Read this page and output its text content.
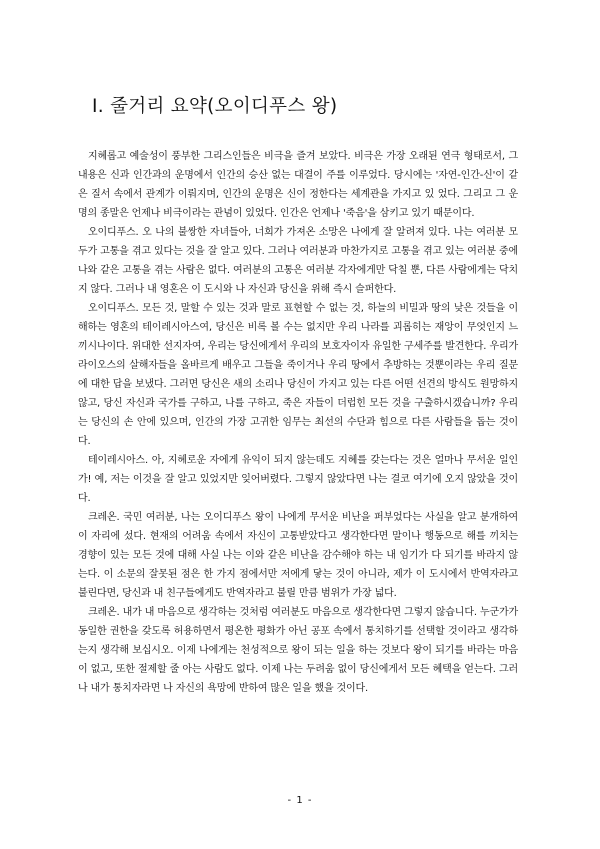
Ⅰ. 줄거리 요약(오이디푸스 왕)

지혜롭고 예술성이 풍부한 그리스인들은 비극을 즐겨 보았다. 비극은 가장 오래된 연극 형태로서, 그 내용은 신과 인간과의 운명에서 인간의 승산 없는 대결이 주를 이루었다. 당시에는 '자연-인간-신'이 같은 질서 속에서 관계가 이뤄지며, 인간의 운명은 신이 정한다는 세계관을 가지고 있 었다. 그리고 그 운명의 종말은 언제나 비극이라는 관념이 있었다. 인간은 언제나 '죽음'을 삼키고 있기 때문이다.

오이디푸스. 오 나의 불쌍한 자녀들아, 너희가 가져온 소망은 나에게 잘 알려져 있다. 나는 여러분 모두가 고통을 겪고 있다는 것을 잘 알고 있다. 그러나 여러분과 마찬가지로 고통을 겪고 있는 여러분 중에 나와 같은 고통을 겪는 사람은 없다. 여러분의 고통은 여러분 각자에게만 닥칠 뿐, 다른 사람에게는 닥치지 않다. 그러나 내 영혼은 이 도시와 나 자신과 당신을 위해 즉시 슬퍼한다.

오이디푸스. 모든 것, 말할 수 있는 것과 말로 표현할 수 없는 것, 하늘의 비밀과 땅의 낮은 것들을 이해하는 영혼의 테이레시아스여, 당신은 비록 볼 수는 없지만 우리 나라를 괴롭히는 재앙이 무엇인지 느끼시나이다. 위대한 선지자여, 우리는 당신에게서 우리의 보호자이자 유일한 구세주를 발견한다. 우리가 라이오스의 살해자들을 올바르게 배우고 그들을 죽이거나 우리 땅에서 추방하는 것뿐이라는 우리 질문에 대한 답을 보냈다. 그러면 당신은 새의 소리나 당신이 가지고 있는 다른 어떤 선견의 방식도 원망하지 않고, 당신 자신과 국가를 구하고, 나를 구하고, 죽은 자들이 더럽힌 모든 것을 구출하시겠습니까? 우리는 당신의 손 안에 있으며, 인간의 가장 고귀한 임무는 최선의 수단과 힘으로 다른 사람들을 돕는 것이다.

테이레시아스. 아, 지혜로운 자에게 유익이 되지 않는데도 지혜를 갖는다는 것은 얼마나 무서운 일인가! 예, 저는 이것을 잘 알고 있었지만 잊어버렸다. 그렇지 않았다면 나는 결코 여기에 오지 않았을 것이다.

크레온. 국민 여러분, 나는 오이디푸스 왕이 나에게 무서운 비난을 퍼부었다는 사실을 알고 분개하여 이 자리에 섰다. 현재의 어려움 속에서 자신이 고통받았다고 생각한다면 말이나 행동으로 해를 끼치는 경향이 있는 모든 것에 대해 사실 나는 이와 같은 비난을 감수해야 하는 내 임기가 다 되기를 바라지 않는다. 이 소문의 잘못된 점은 한 가지 점에서만 저에게 닿는 것이 아니라, 제가 이 도시에서 반역자라고 불린다면, 당신과 내 친구들에게도 반역자라고 불릴 만큼 범위가 가장 넓다.

크레온. 내가 내 마음으로 생각하는 것처럼 여러분도 마음으로 생각한다면 그렇지 않습니다. 누군가가 동일한 권한을 갖도록 허용하면서 평온한 평화가 아닌 공포 속에서 통치하기를 선택할 것이라고 생각하는지 생각해 보십시오. 이제 나에게는 천성적으로 왕이 되는 일을 하는 것보다 왕이 되기를 바라는 마음이 없고, 또한 절제할 줄 아는 사람도 없다. 이제 나는 두려움 없이 당신에게서 모든 혜택을 얻는다. 그러나 내가 통치자라면 나 자신의 욕망에 반하여 많은 일을 했을 것이다.

- 1 -
